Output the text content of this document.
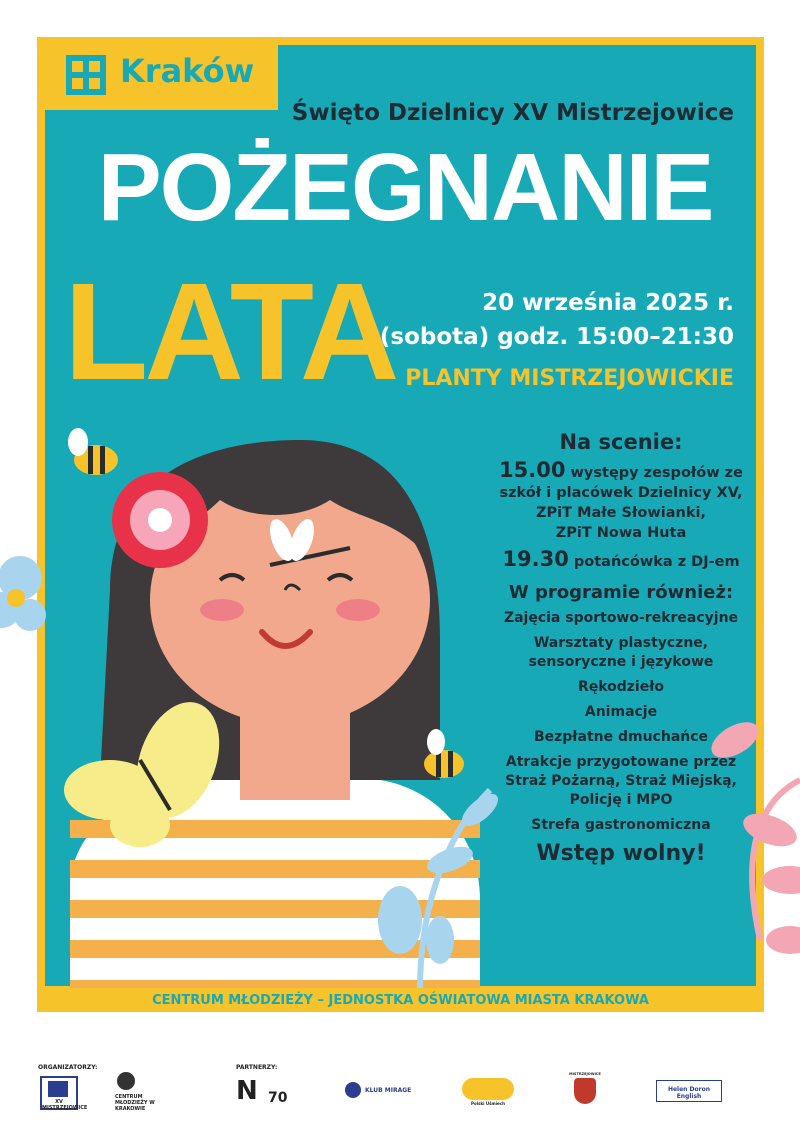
Kraków
Święto Dzielnicy XV Mistrzejowice
POŻEGNANIE
LATA	20 września 2025 r.
(sobota) godz. 15:00–21:30
PLANTY MISTRZEJOWICKIE
Na scenie:
15.00 występy zespołów ze
szkół i placówek Dzielnicy XV,
ZPiT Małe Słowianki,
ZPiT Nowa Huta
19.30 potańcówka z DJ-em
W programie również:
Zajęcia sportowo-rekreacyjne
Warsztaty plastyczne,
sensoryczne i językowe
Rękodzieło
Animacje
Bezpłatne dmuchańce
Atrakcje przygotowane przez
Straż Pożarną, Straż Miejską,
Policję i MPO
Strefa gastronomiczna
Wstęp wolny!
CENTRUM MŁODZIEŻY – JEDNOSTKA OŚWIATOWA MIASTA KRAKOWA
ORGANIZATORZY:	PARTNERZY:
XV MISTRZEJOWICE
CENTRUM MŁODZIEŻY W KRAKOWIE
N 70	KLUB MIRAGE
Polski Uśmiech
MISTRZEJOWICE
Helen Doron English
